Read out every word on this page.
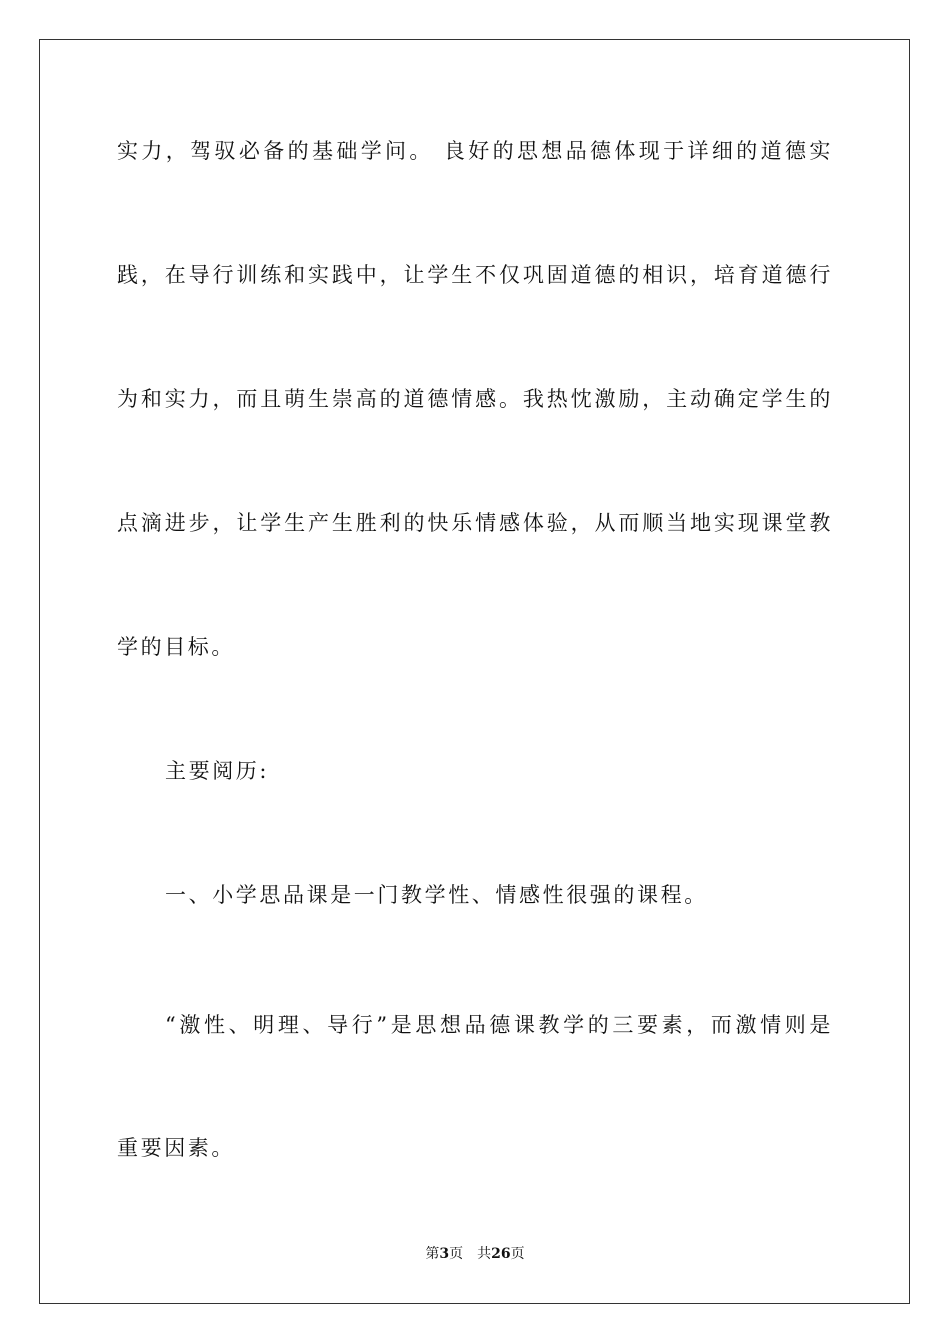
实力，驾驭必备的基础学问。 良好的思想品德体现于详细的道德实
践，在导行训练和实践中，让学生不仅巩固道德的相识，培育道德行
为和实力，而且萌生崇高的道德情感。我热忱激励，主动确定学生的
点滴进步，让学生产生胜利的快乐情感体验，从而顺当地实现课堂教
学的目标。
主要阅历:
一、小学思品课是一门教学性、情感性很强的课程。
“激性、明理、导行”是思想品德课教学的三要素，而激情则是
重要因素。
第3页 共26页
